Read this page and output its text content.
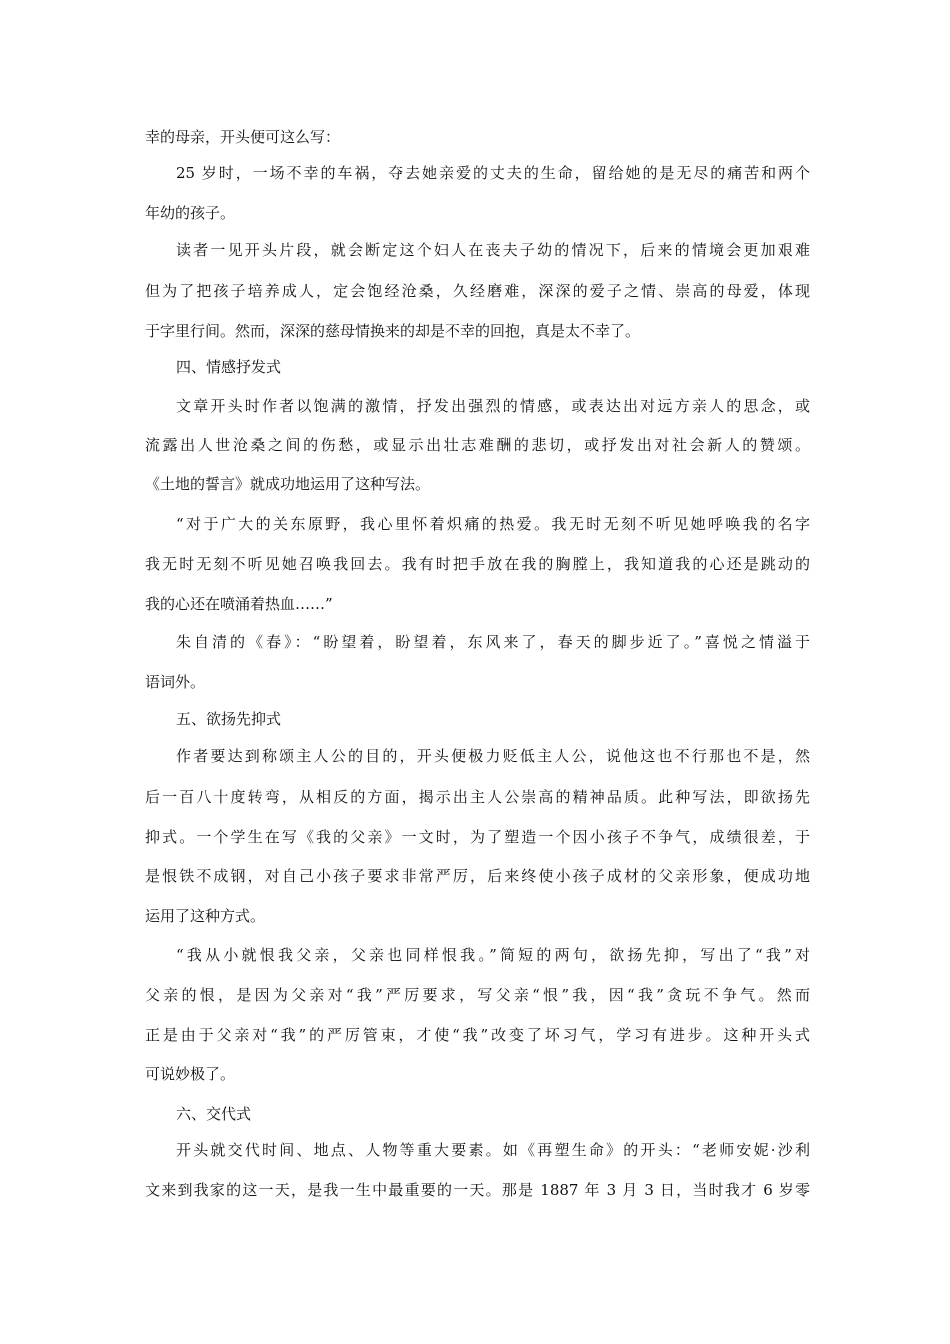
幸的母亲，开头便可这么写：
25 岁时，一场不幸的车祸，夺去她亲爱的丈夫的生命，留给她的是无尽的痛苦和两个
年幼的孩子。
读者一见开头片段，就会断定这个妇人在丧夫子幼的情况下，后来的情境会更加艰难
但为了把孩子培养成人，定会饱经沧桑，久经磨难，深深的爱子之情、崇高的母爱，体现
于字里行间。然而，深深的慈母情换来的却是不幸的回抱，真是太不幸了。
四、情感抒发式
文章开头时作者以饱满的激情，抒发出强烈的情感，或表达出对远方亲人的思念，或
流露出人世沧桑之间的伤愁，或显示出壮志难酬的悲切，或抒发出对社会新人的赞颂。
《土地的誓言》就成功地运用了这种写法。
“对于广大的关东原野，我心里怀着炽痛的热爱。我无时无刻不听见她呼唤我的名字
我无时无刻不听见她召唤我回去。我有时把手放在我的胸膛上，我知道我的心还是跳动的
我的心还在喷涌着热血……”
朱自清的《春》：“盼望着，盼望着，东风来了，春天的脚步近了。”喜悦之情溢于
语词外。
五、欲扬先抑式
作者要达到称颂主人公的目的，开头便极力贬低主人公，说他这也不行那也不是，然
后一百八十度转弯，从相反的方面，揭示出主人公崇高的精神品质。此种写法，即欲扬先
抑式。一个学生在写《我的父亲》一文时，为了塑造一个因小孩子不争气，成绩很差，于
是恨铁不成钢，对自己小孩子要求非常严厉，后来终使小孩子成材的父亲形象，便成功地
运用了这种方式。
“我从小就恨我父亲，父亲也同样恨我。”简短的两句，欲扬先抑，写出了“我”对
父亲的恨，是因为父亲对“我”严厉要求，写父亲“恨”我，因“我”贪玩不争气。然而
正是由于父亲对“我”的严厉管束，才使“我”改变了坏习气，学习有进步。这种开头式
可说妙极了。
六、交代式
开头就交代时间、地点、人物等重大要素。如《再塑生命》的开头：“老师安妮·沙利
文来到我家的这一天，是我一生中最重要的一天。那是 1887 年 3 月 3 日，当时我才 6 岁零
